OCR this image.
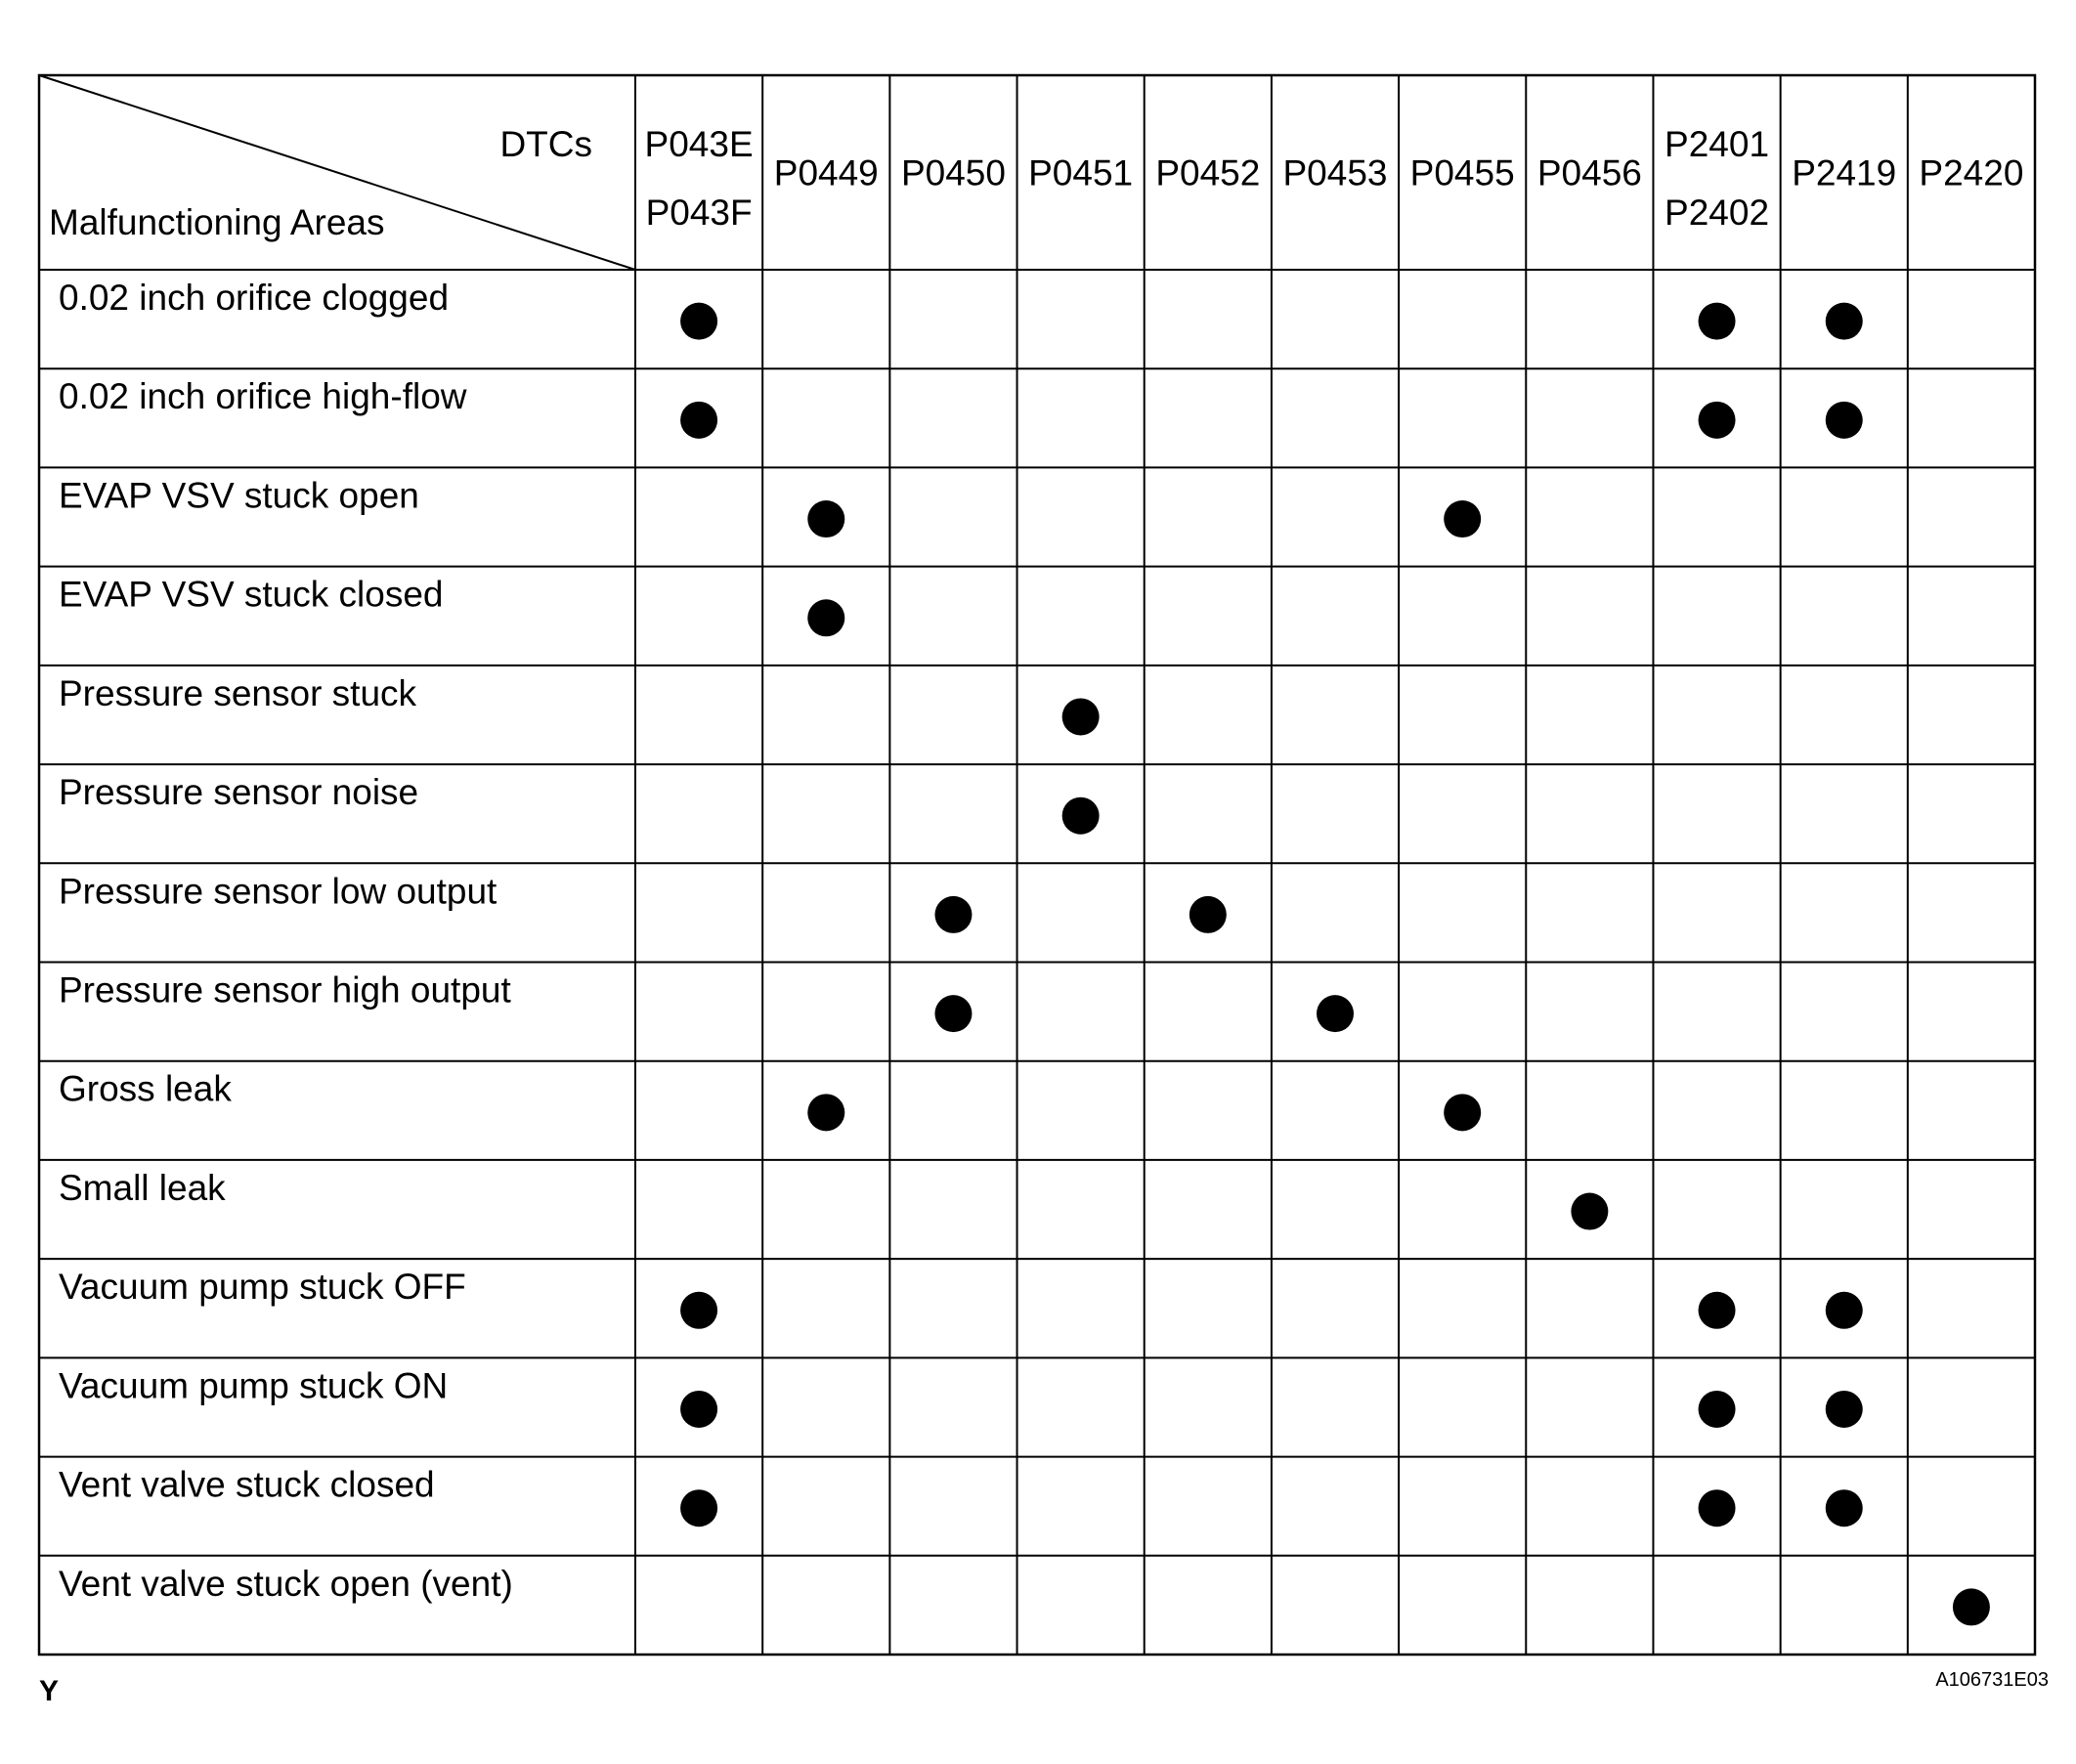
DTCs
Malfunctioning Areas
P043E
P043F
P0449 P0450 P0451 P0452 P0453 P0455 P0456
P2401
P2402
P2419 P2420
0.02 inch orifice clogged
0.02 inch orifice high-flow
EVAP VSV stuck open
EVAP VSV stuck closed
Pressure sensor stuck
Pressure sensor noise
Pressure sensor low output
Pressure sensor high output
Gross leak
Small leak
Vacuum pump stuck OFF
Vacuum pump stuck ON
Vent valve stuck closed
Vent valve stuck open (vent)
Y	A106731E03
